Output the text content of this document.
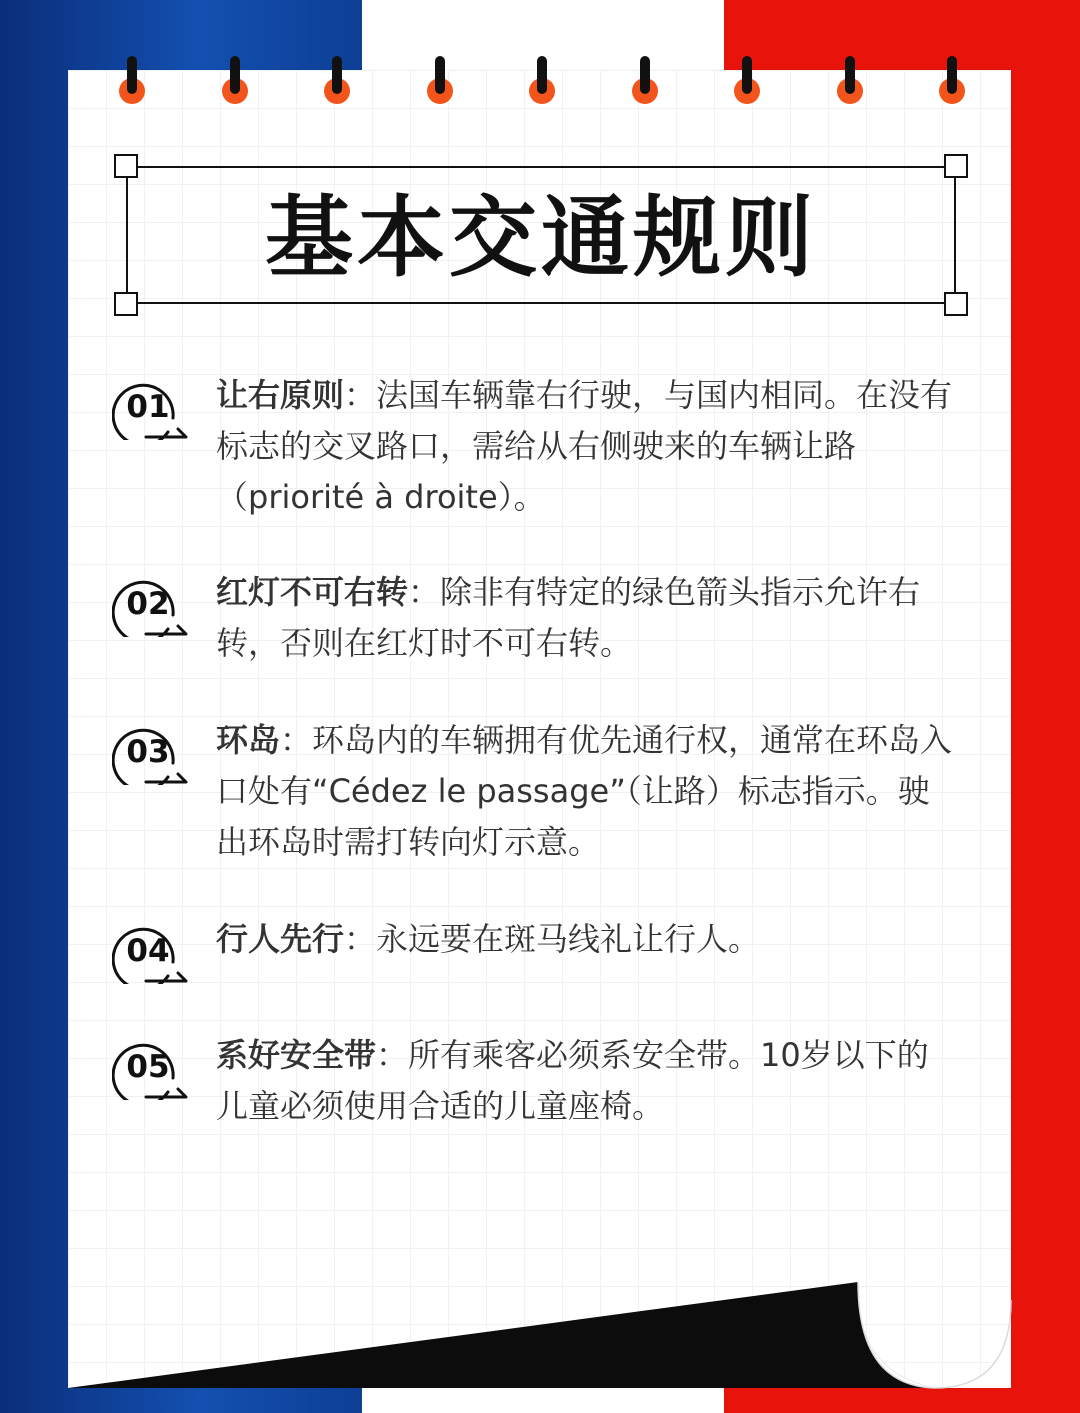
基本交通规则
01 让右原则：法国车辆靠右行驶，与国内相同。在没有标志的交叉路口，需给从右侧驶来的车辆让路（priorité à droite）。
02 红灯不可右转：除非有特定的绿色箭头指示允许右转，否则在红灯时不可右转。
03 环岛：环岛内的车辆拥有优先通行权，通常在环岛入口处有“Cédez le passage”（让路）标志指示。驶出环岛时需打转向灯示意。
04 行人先行：永远要在斑马线礼让行人。
05 系好安全带：所有乘客必须系安全带。10岁以下的儿童必须使用合适的儿童座椅。
